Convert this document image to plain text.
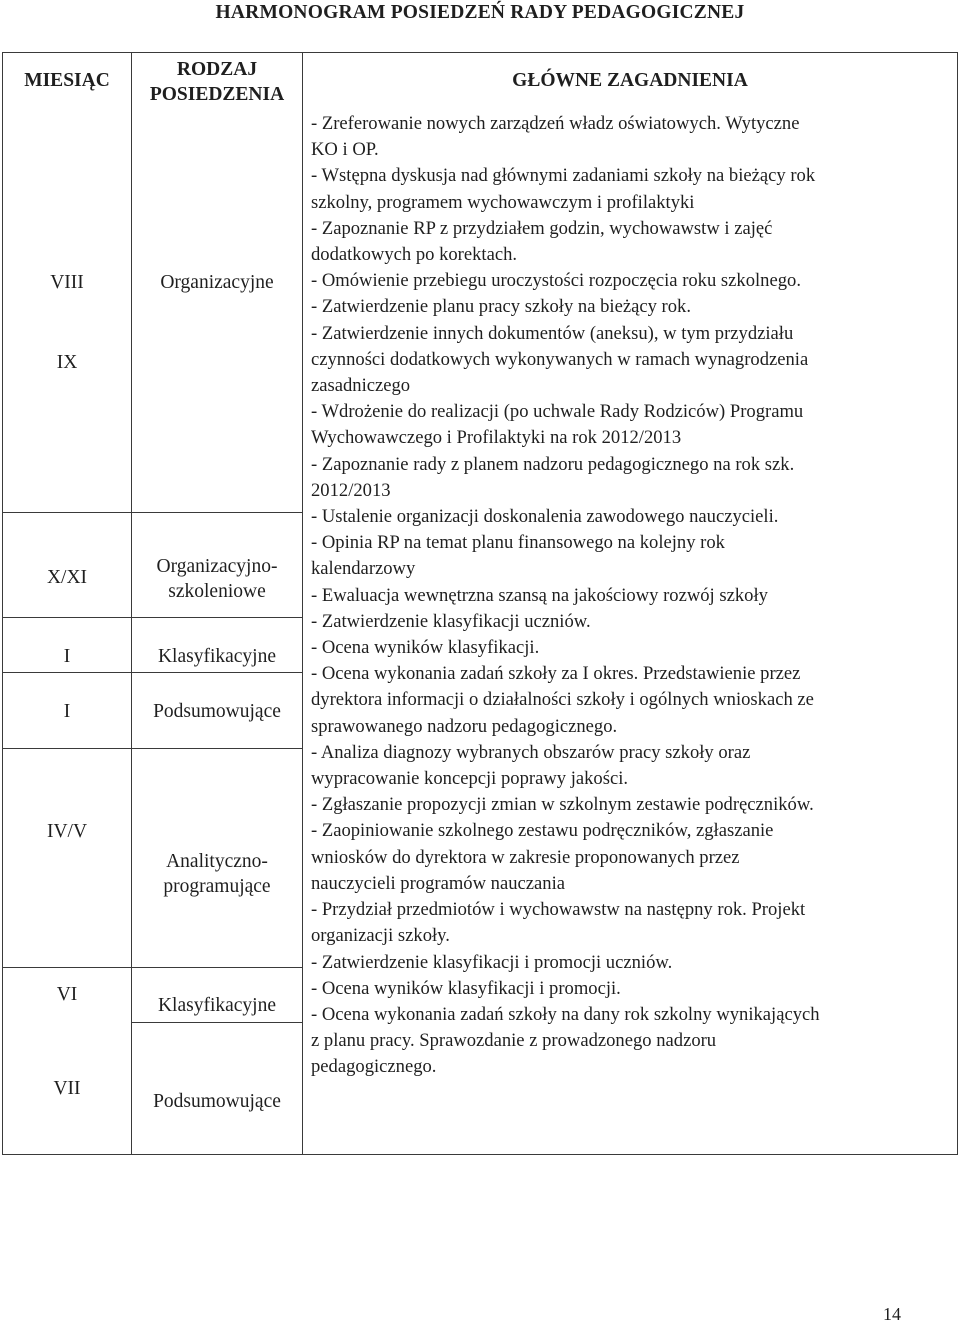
HARMONOGRAM POSIEDZEŃ RADY PEDAGOGICZNEJ
MIESIĄC
RODZAJ
POSIEDZENIA
GŁÓWNE ZAGADNIENIA
VIII
IX
X/XI
I
I
IV/V
VI
VII
Organizacyjne
Organizacyjno-
szkoleniowe
Klasyfikacyjne
Podsumowujące
Analityczno-
programujące
Klasyfikacyjne
Podsumowujące
- Zreferowanie nowych zarządzeń władz oświatowych. Wytyczne
KO i OP.
- Wstępna dyskusja nad głównymi zadaniami szkoły na bieżący rok
szkolny, programem wychowawczym i profilaktyki
- Zapoznanie RP z przydziałem godzin, wychowawstw i zajęć
dodatkowych po korektach.
- Omówienie przebiegu uroczystości rozpoczęcia roku szkolnego.
- Zatwierdzenie planu pracy szkoły na bieżący rok.
- Zatwierdzenie innych dokumentów (aneksu), w tym przydziału
czynności dodatkowych wykonywanych w ramach wynagrodzenia
zasadniczego
- Wdrożenie do realizacji (po uchwale Rady Rodziców) Programu
Wychowawczego i Profilaktyki na rok 2012/2013
- Zapoznanie rady z planem nadzoru pedagogicznego na rok szk.
2012/2013
- Ustalenie organizacji doskonalenia zawodowego nauczycieli.
- Opinia RP na temat planu finansowego na kolejny rok
kalendarzowy
- Ewaluacja wewnętrzna szansą na jakościowy rozwój szkoły
- Zatwierdzenie klasyfikacji uczniów.
- Ocena wyników klasyfikacji.
- Ocena wykonania zadań szkoły za I okres. Przedstawienie przez
dyrektora informacji o działalności szkoły i ogólnych wnioskach ze
sprawowanego nadzoru pedagogicznego.
- Analiza diagnozy wybranych obszarów pracy szkoły oraz
wypracowanie koncepcji poprawy jakości.
- Zgłaszanie propozycji zmian w szkolnym zestawie podręczników.
- Zaopiniowanie szkolnego zestawu podręczników, zgłaszanie
wniosków do dyrektora w zakresie proponowanych przez
nauczycieli programów nauczania
- Przydział przedmiotów i wychowawstw na następny rok. Projekt
organizacji szkoły.
- Zatwierdzenie klasyfikacji i promocji uczniów.
- Ocena wyników klasyfikacji i promocji.
- Ocena wykonania zadań szkoły na dany rok szkolny wynikających
z planu pracy. Sprawozdanie z prowadzonego nadzoru
pedagogicznego.
14
